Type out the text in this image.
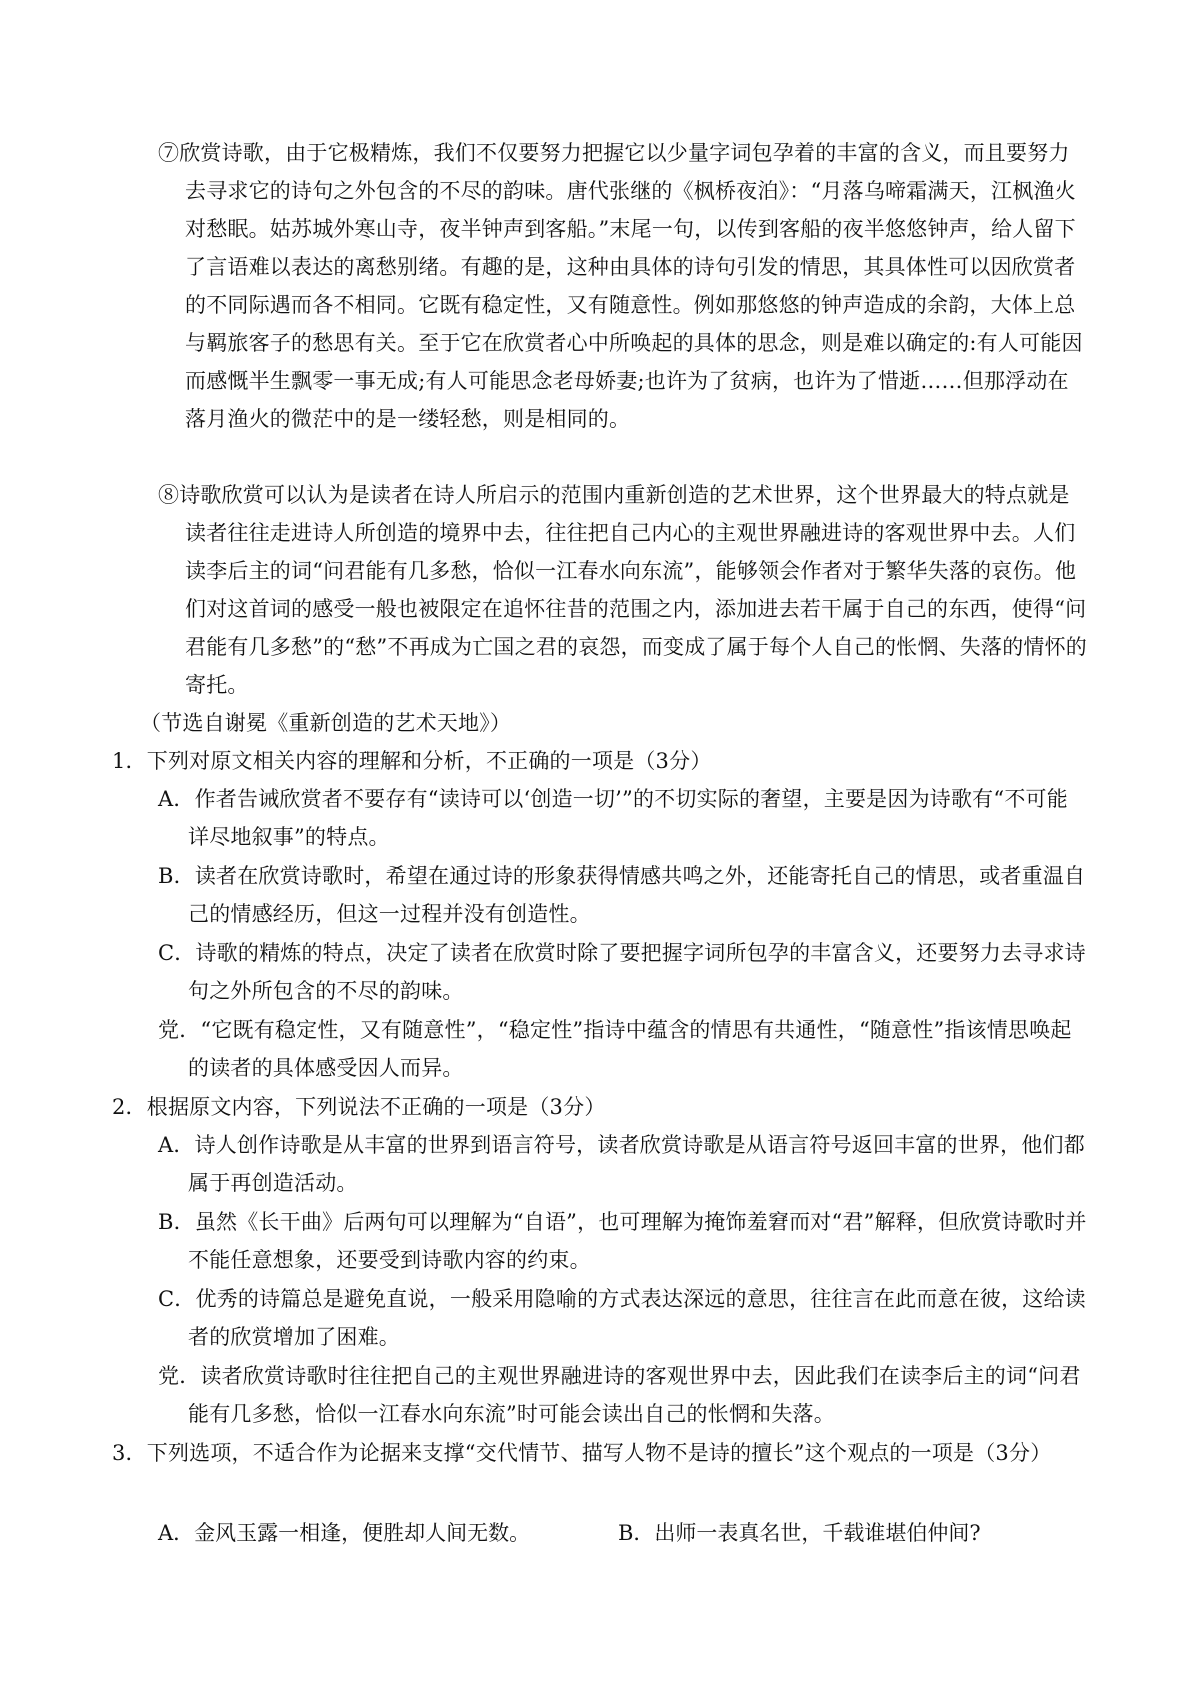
⑦欣赏诗歌，由于它极精炼，我们不仅要努力把握它以少量字词包孕着的丰富的含义，而且要努力去寻求它的诗句之外包含的不尽的韵味。唐代张继的《枫桥夜泊》：“月落乌啼霜满天，江枫渔火对愁眠。姑苏城外寒山寺，夜半钟声到客船。”末尾一句，以传到客船的夜半悠悠钟声，给人留下了言语难以表达的离愁别绪。有趣的是，这种由具体的诗句引发的情思，其具体性可以因欣赏者的不同际遇而各不相同。它既有稳定性，又有随意性。例如那悠悠的钟声造成的余韵，大体上总与羁旅客子的愁思有关。至于它在欣赏者心中所唤起的具体的思念，则是难以确定的:有人可能因而感慨半生飘零一事无成;有人可能思念老母娇妻;也许为了贫病，也许为了惜逝……但那浮动在落月渔火的微茫中的是一缕轻愁，则是相同的。
⑧诗歌欣赏可以认为是读者在诗人所启示的范围内重新创造的艺术世界，这个世界最大的特点就是读者往往走进诗人所创造的境界中去，往往把自己内心的主观世界融进诗的客观世界中去。人们读李后主的词“问君能有几多愁，恰似一江春水向东流”，能够领会作者对于繁华失落的哀伤。他们对这首词的感受一般也被限定在追怀往昔的范围之内，添加进去若干属于自己的东西，使得“问君能有几多愁”的“愁”不再成为亡国之君的哀怨，而变成了属于每个人自己的怅惘、失落的情怀的寄托。
（节选自谢冕《重新创造的艺术天地》）
1．下列对原文相关内容的理解和分析，不正确的一项是（3分）
A．作者告诫欣赏者不要存有“读诗可以‘创造一切’”的不切实际的奢望，主要是因为诗歌有“不可能详尽地叙事”的特点。
B．读者在欣赏诗歌时，希望在通过诗的形象获得情感共鸣之外，还能寄托自己的情思，或者重温自己的情感经历，但这一过程并没有创造性。
C．诗歌的精炼的特点，决定了读者在欣赏时除了要把握字词所包孕的丰富含义，还要努力去寻求诗句之外所包含的不尽的韵味。
党．“它既有稳定性，又有随意性”，“稳定性”指诗中蕴含的情思有共通性，“随意性”指该情思唤起的读者的具体感受因人而异。
2．根据原文内容，下列说法不正确的一项是（3分）
A．诗人创作诗歌是从丰富的世界到语言符号，读者欣赏诗歌是从语言符号返回丰富的世界，他们都属于再创造活动。
B．虽然《长干曲》后两句可以理解为“自语”，也可理解为掩饰羞窘而对“君”解释，但欣赏诗歌时并不能任意想象，还要受到诗歌内容的约束。
C．优秀的诗篇总是避免直说，一般采用隐喻的方式表达深远的意思，往往言在此而意在彼，这给读者的欣赏增加了困难。
党．读者欣赏诗歌时往往把自己的主观世界融进诗的客观世界中去，因此我们在读李后主的词“问君能有几多愁，恰似一江春水向东流”时可能会读出自己的怅惘和失落。
3．下列选项，不适合作为论据来支撑“交代情节、描写人物不是诗的擅长”这个观点的一项是（3分）
A．金风玉露一相逢，便胜却人间无数。	B．出师一表真名世，千载谁堪伯仲间?
